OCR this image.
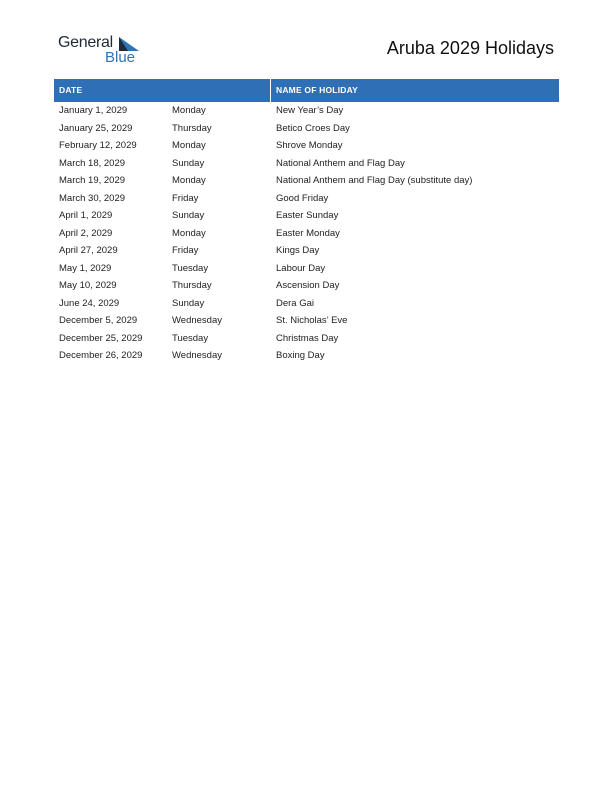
General
Blue	Aruba 2029 Holidays
DATE	NAME OF HOLIDAY
January 1, 2029	Monday	New Year’s Day
January 25, 2029	Thursday	Betico Croes Day
February 12, 2029	Monday	Shrove Monday
March 18, 2029	Sunday	National Anthem and Flag Day
March 19, 2029	Monday	National Anthem and Flag Day (substitute day)
March 30, 2029	Friday	Good Friday
April 1, 2029	Sunday	Easter Sunday
April 2, 2029	Monday	Easter Monday
April 27, 2029	Friday	Kings Day
May 1, 2029	Tuesday	Labour Day
May 10, 2029	Thursday	Ascension Day
June 24, 2029	Sunday	Dera Gai
December 5, 2029	Wednesday	St. Nicholas’ Eve
December 25, 2029	Tuesday	Christmas Day
December 26, 2029	Wednesday	Boxing Day
